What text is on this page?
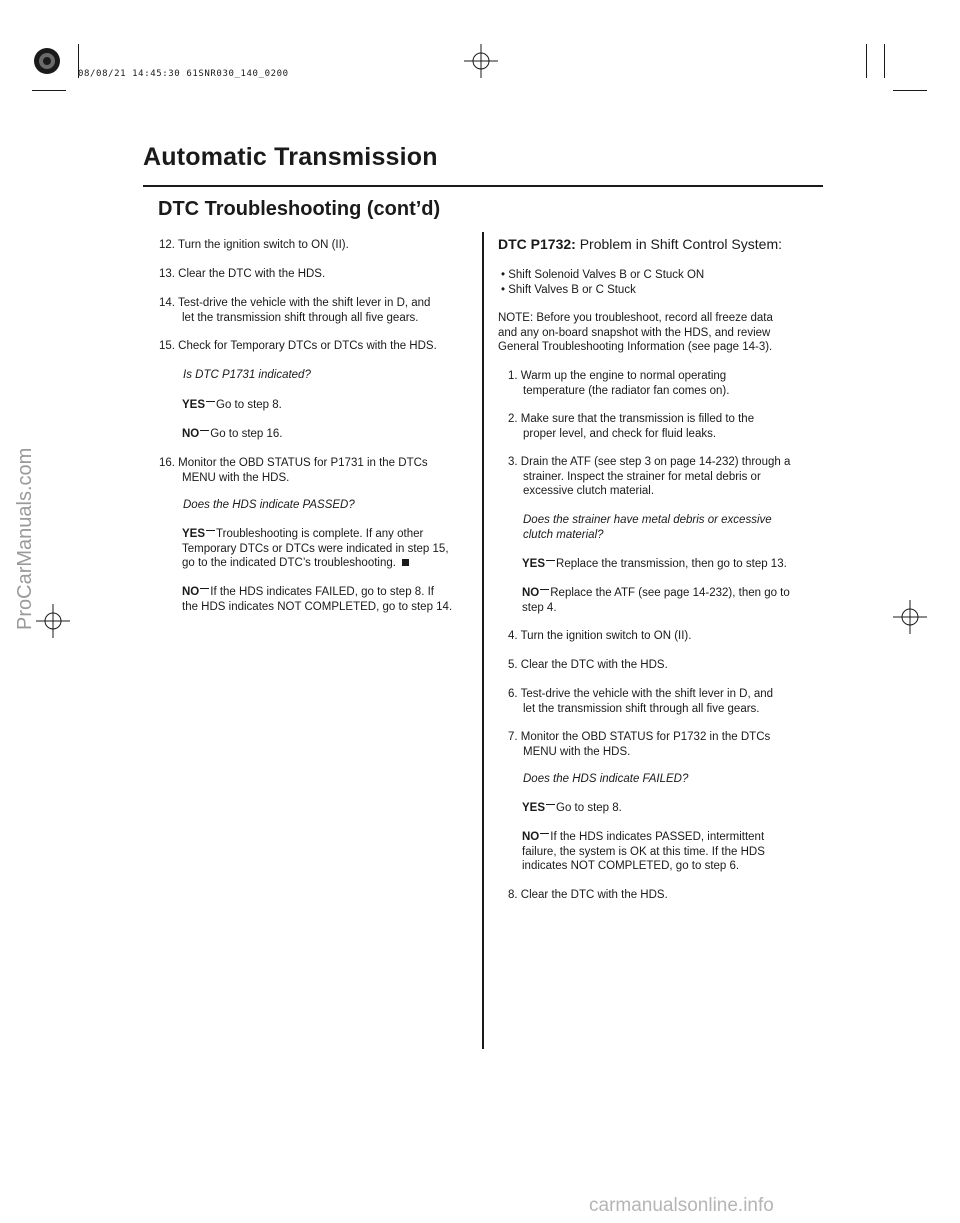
08/08/21 14:45:30 61SNR030_140_0200
Automatic Transmission
DTC Troubleshooting (cont’d)
12. Turn the ignition switch to ON (II).
13. Clear the DTC with the HDS.
14. Test-drive the vehicle with the shift lever in D, and
let the transmission shift through all five gears.
15. Check for Temporary DTCs or DTCs with the HDS.
Is DTC P1731 indicated?
YES Go to step 8.
NO Go to step 16.
16. Monitor the OBD STATUS for P1731 in the DTCs
MENU with the HDS.
Does the HDS indicate PASSED?
YES Troubleshooting is complete. If any other
Temporary DTCs or DTCs were indicated in step 15,
go to the indicated DTC’s troubleshooting.
NO If the HDS indicates FAILED, go to step 8. If
the HDS indicates NOT COMPLETED, go to step 14.
DTC P1732: Problem in Shift Control System:
• Shift Solenoid Valves B or C Stuck ON
• Shift Valves B or C Stuck
NOTE: Before you troubleshoot, record all freeze data
and any on-board snapshot with the HDS, and review
General Troubleshooting Information (see page 14-3).
1. Warm up the engine to normal operating
temperature (the radiator fan comes on).
2. Make sure that the transmission is filled to the
proper level, and check for fluid leaks.
3. Drain the ATF (see step 3 on page 14-232) through a
strainer. Inspect the strainer for metal debris or
excessive clutch material.
Does the strainer have metal debris or excessive
clutch material?
YES Replace the transmission, then go to step 13.
NO Replace the ATF (see page 14-232), then go to
step 4.
4. Turn the ignition switch to ON (II).
5. Clear the DTC with the HDS.
6. Test-drive the vehicle with the shift lever in D, and
let the transmission shift through all five gears.
7. Monitor the OBD STATUS for P1732 in the DTCs
MENU with the HDS.
Does the HDS indicate FAILED?
YES Go to step 8.
NO If the HDS indicates PASSED, intermittent
failure, the system is OK at this time. If the HDS
indicates NOT COMPLETED, go to step 6.
8. Clear the DTC with the HDS.
ProCarManuals.com
carmanualsonline.info
